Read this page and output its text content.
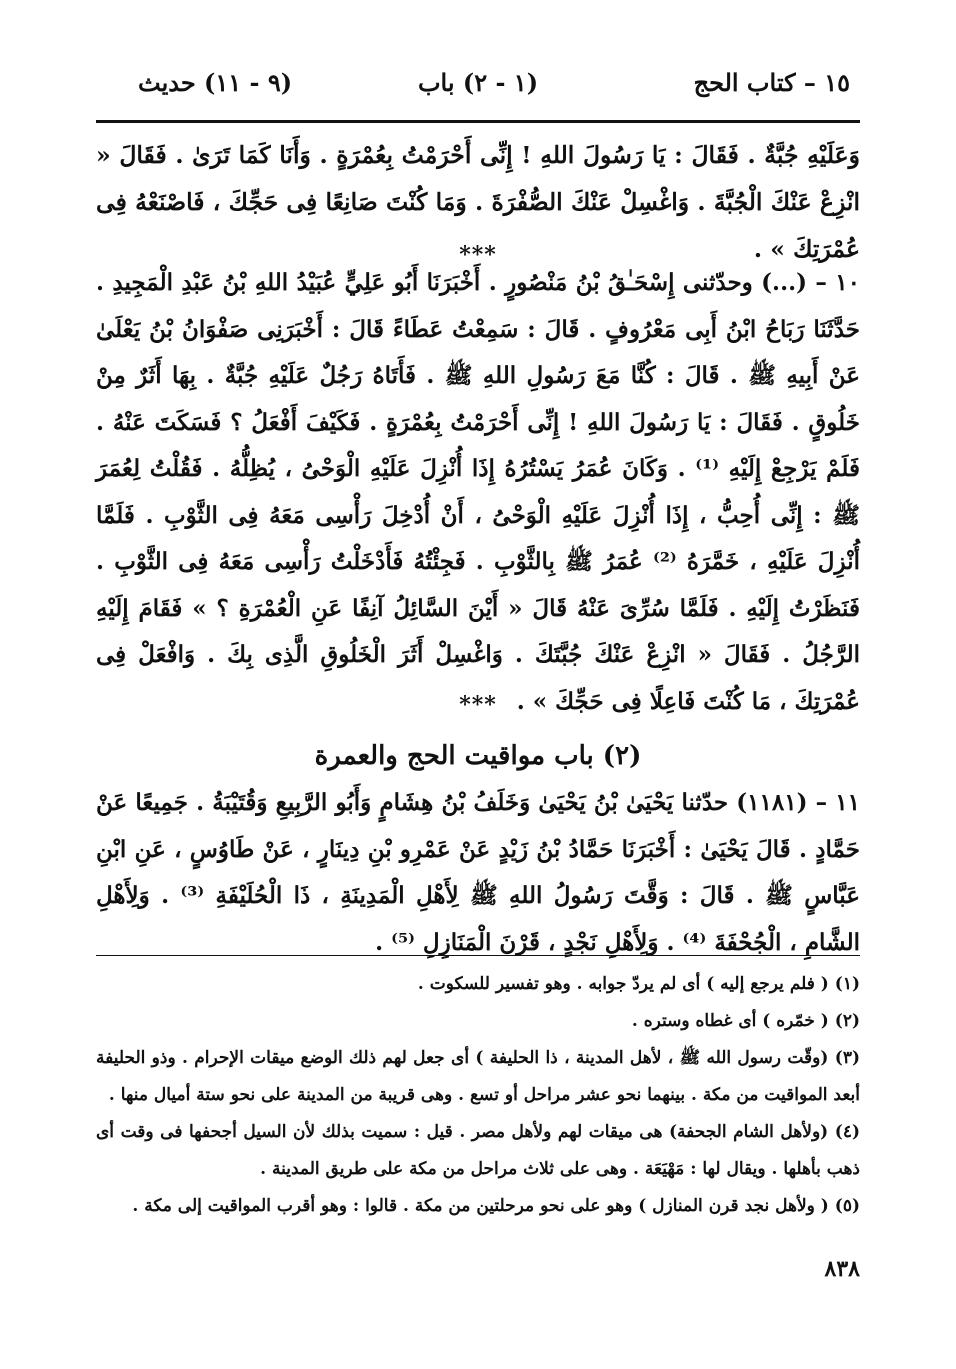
١٥ – كتاب الحج
(١ - ٢) باب
(٩ - ١١) حديث

وَعَلَيْهِ جُبَّةٌ . فَقَالَ : يَا رَسُولَ اللهِ ! إِنِّى أَحْرَمْتُ بِعُمْرَةٍ . وَأَنَا كَمَا تَرَىٰ . فَقَالَ « انْزِعْ عَنْكَ الْجُبَّةَ . وَاغْسِلْ عَنْكَ الصُّفْرَةَ . وَمَا كُنْتَ صَانِعًا فِى حَجِّكَ ، فَاصْنَعْهُ فِى عُمْرَتِكَ » .

***

١٠ – (...) وحدّثنى إِسْحَـٰقُ بْنُ مَنْصُورٍ . أَخْبَرَنَا أَبُو عَلِيٍّ عُبَيْدُ اللهِ بْنُ عَبْدِ الْمَجِيدِ . حَدَّثَنَا رَبَاحُ ابْنُ أَبِى مَعْرُوفٍ . قَالَ : سَمِعْتُ عَطَاءً قَالَ : أَخْبَرَنِى صَفْوَانُ بْنُ يَعْلَىٰ عَنْ أَبِيهِ ﷺ . قَالَ : كُنَّا مَعَ رَسُولِ اللهِ ﷺ . فَأَتَاهُ رَجُلٌ عَلَيْهِ جُبَّةٌ . بِهَا أَثَرٌ مِنْ خَلُوقٍ . فَقَالَ : يَا رَسُولَ اللهِ ! إِنِّى أَحْرَمْتُ بِعُمْرَةٍ . فَكَيْفَ أَفْعَلُ ؟ فَسَكَتَ عَنْهُ . فَلَمْ يَرْجِعْ إِلَيْهِ ⁽¹⁾ . وَكَانَ عُمَرُ يَسْتُرُهُ إِذَا أُنْزِلَ عَلَيْهِ الْوَحْىُ ، يُظِلُّهُ . فَقُلْتُ لِعُمَرَ ﷺ : إِنِّى أُحِبُّ ، إِذَا أُنْزِلَ عَلَيْهِ الْوَحْىُ ، أَنْ أُدْخِلَ رَأْسِى مَعَهُ فِى الثَّوْبِ . فَلَمَّا أُنْزِلَ عَلَيْهِ ، خَمَّرَهُ ⁽²⁾ عُمَرُ ﷺ بِالثَّوْبِ . فَجِئْتُهُ فَأَدْخَلْتُ رَأْسِى مَعَهُ فِى الثَّوْبِ . فَنَظَرْتُ إِلَيْهِ . فَلَمَّا سُرِّىَ عَنْهُ قَالَ « أَيْنَ السَّائِلُ آنِفًا عَنِ الْعُمْرَةِ ؟ » فَقَامَ إِلَيْهِ الرَّجُلُ . فَقَالَ « انْزِعْ عَنْكَ جُبَّتَكَ . وَاغْسِلْ أَثَرَ الْخَلُوقِ الَّذِى بِكَ . وَافْعَلْ فِى عُمْرَتِكَ ، مَا كُنْتَ فَاعِلًا فِى حَجِّكَ » .

***

(٢) باب مواقيت الحج والعمرة

١١ – (١١٨١) حدّثنا يَحْيَىٰ بْنُ يَحْيَىٰ وَخَلَفُ بْنُ هِشَامٍ وَأَبُو الرَّبِيعِ وَقُتَيْبَةُ . جَمِيعًا عَنْ حَمَّادٍ . قَالَ يَحْيَىٰ : أَخْبَرَنَا حَمَّادُ بْنُ زَيْدٍ عَنْ عَمْرِو بْنِ دِينَارٍ ، عَنْ طَاوُسٍ ، عَنِ ابْنِ عَبَّاسٍ ﷺ . قَالَ : وَقَّتَ رَسُولُ اللهِ ﷺ لِأَهْلِ الْمَدِينَةِ ، ذَا الْحُلَيْفَةِ ⁽³⁾ . وَلِأَهْلِ الشَّامِ ، الْجُحْفَةَ ⁽⁴⁾ . وَلِأَهْلِ نَجْدٍ ، قَرْنَ الْمَنَازِلِ ⁽⁵⁾ .

(١) ( فلم يرجع إليه ) أى لم يردّ جوابه . وهو تفسير للسكوت .

(٢) ( خمّره ) أى غطاه وستره .

(٣) (وقّت رسول الله ﷺ ، لأهل المدينة ، ذا الحليفة ) أى جعل لهم ذلك الوضع ميقات الإحرام . وذو الحليفة أبعد المواقيت من مكة . بينهما نحو عشر مراحل أو تسع . وهى قريبة من المدينة على نحو ستة أميال منها .

(٤) (ولأهل الشام الجحفة) هى ميقات لهم ولأهل مصر . قيل : سميت بذلك لأن السيل أجحفها فى وقت أى ذهب بأهلها . ويقال لها : مَهْيَعَة . وهى على ثلاث مراحل من مكة على طريق المدينة .

(٥) ( ولأهل نجد قرن المنازل ) وهو على نحو مرحلتين من مكة . قالوا : وهو أقرب المواقيت إلى مكة .

٨٣٨
